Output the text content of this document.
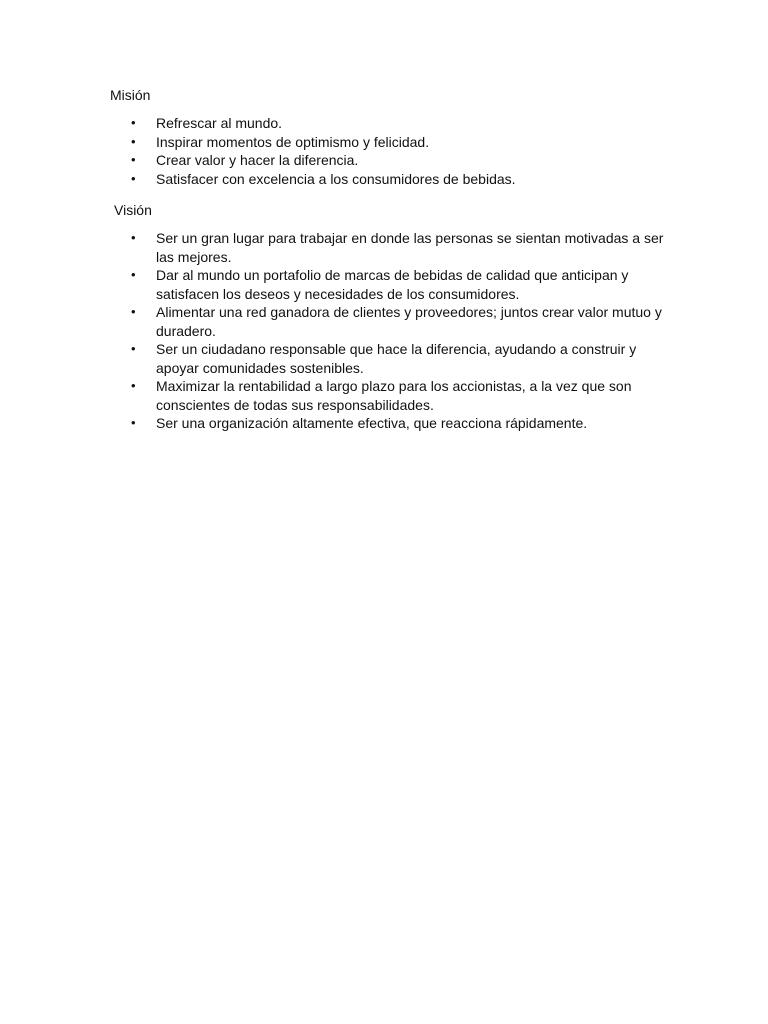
Misión

• Refrescar al mundo.
• Inspirar momentos de optimismo y felicidad.
• Crear valor y hacer la diferencia.
• Satisfacer con excelencia a los consumidores de bebidas.

Visión

• Ser un gran lugar para trabajar en donde las personas se sientan motivadas a ser las mejores.
• Dar al mundo un portafolio de marcas de bebidas de calidad que anticipan y satisfacen los deseos y necesidades de los consumidores.
• Alimentar una red ganadora de clientes y proveedores; juntos crear valor mutuo y duradero.
• Ser un ciudadano responsable que hace la diferencia, ayudando a construir y apoyar comunidades sostenibles.
• Maximizar la rentabilidad a largo plazo para los accionistas, a la vez que son conscientes de todas sus responsabilidades.
• Ser una organización altamente efectiva, que reacciona rápidamente.
